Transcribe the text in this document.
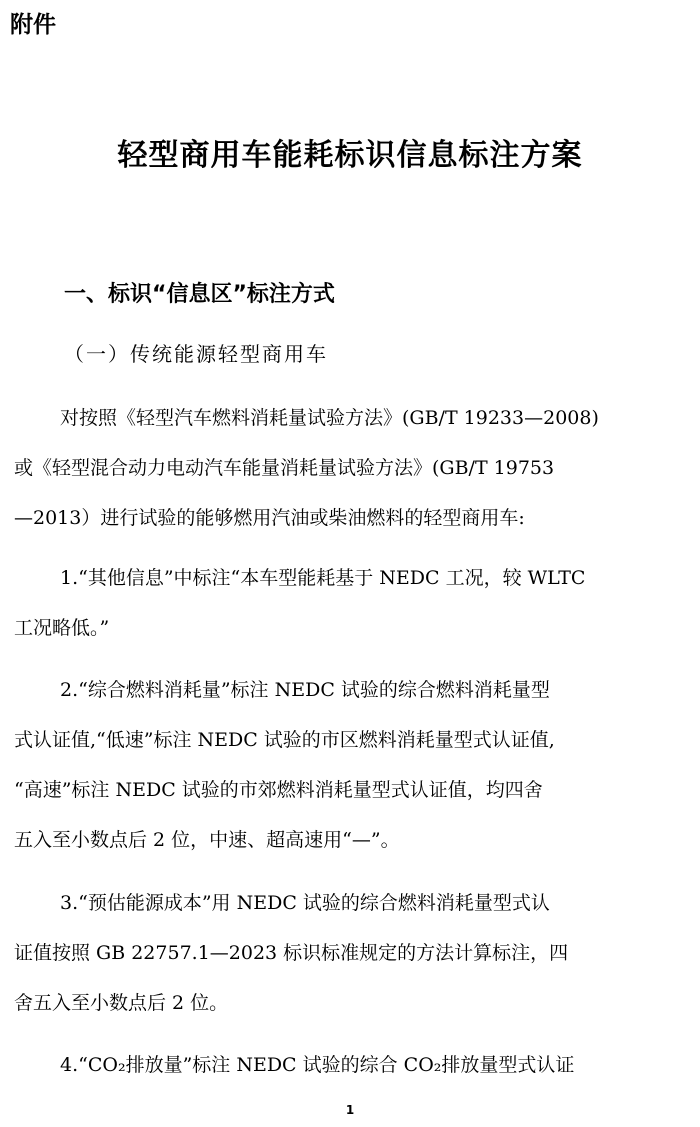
附件
轻型商用车能耗标识信息标注方案
一、标识“信息区”标注方式
（一）传统能源轻型商用车
对按照《轻型汽车燃料消耗量试验方法》(GB/T 19233—2008)
或《轻型混合动力电动汽车能量消耗量试验方法》(GB/T 19753
—2013）进行试验的能够燃用汽油或柴油燃料的轻型商用车:
1.“其他信息”中标注“本车型能耗基于 NEDC 工况，较 WLTC
工况略低。”
2.“综合燃料消耗量”标注 NEDC 试验的综合燃料消耗量型
式认证值,“低速”标注 NEDC 试验的市区燃料消耗量型式认证值,
“高速”标注 NEDC 试验的市郊燃料消耗量型式认证值，均四舍
五入至小数点后 2 位，中速、超高速用“—”。
3.“预估能源成本”用 NEDC 试验的综合燃料消耗量型式认
证值按照 GB 22757.1—2023 标识标准规定的方法计算标注，四
舍五入至小数点后 2 位。
4.“CO₂排放量”标注 NEDC 试验的综合 CO₂排放量型式认证
1
